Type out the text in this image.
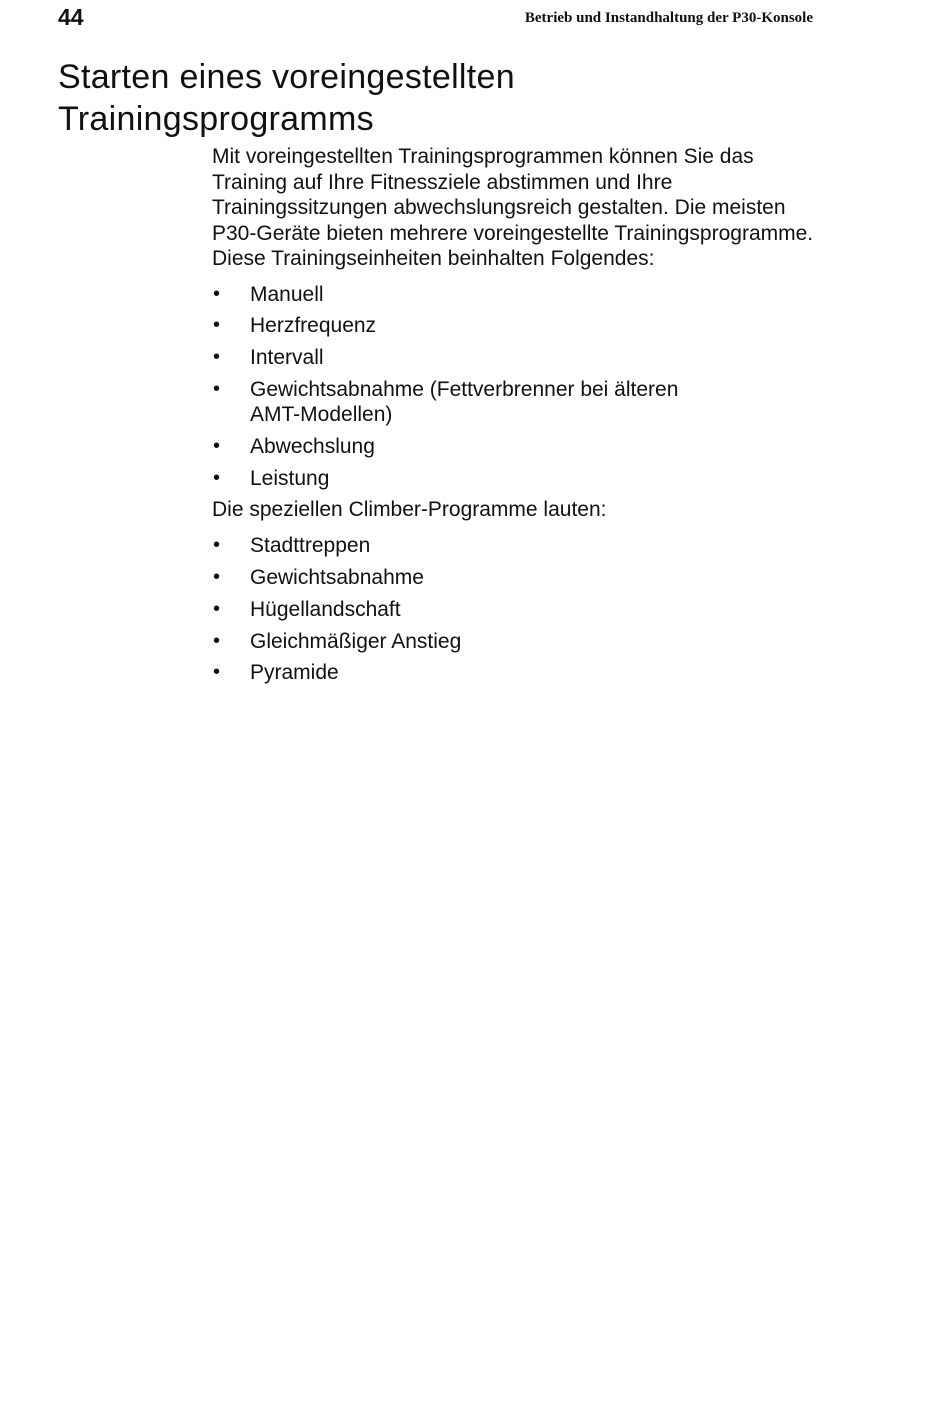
44	Betrieb und Instandhaltung der P30-Konsole
Starten eines voreingestellten Trainingsprogramms

Mit voreingestellten Trainingsprogrammen können Sie das Training auf Ihre Fitnessziele abstimmen und Ihre Trainingssitzungen abwechslungsreich gestalten. Die meisten P30-Geräte bieten mehrere voreingestellte Trainingsprogramme. Diese Trainingseinheiten beinhalten Folgendes:

• Manuell
• Herzfrequenz
• Intervall
• Gewichtsabnahme (Fettverbrenner bei älteren AMT-Modellen)
• Abwechslung
• Leistung

Die speziellen Climber-Programme lauten:

• Stadttreppen
• Gewichtsabnahme
• Hügellandschaft
• Gleichmäßiger Anstieg
• Pyramide
